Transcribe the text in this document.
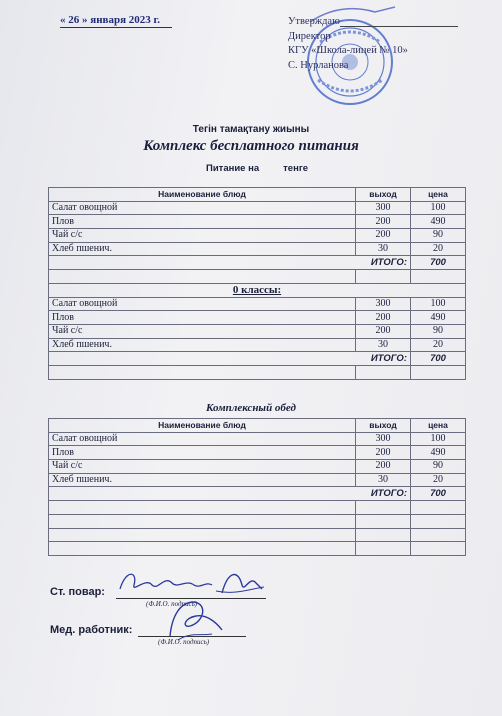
« 26 » января 2023 г.	Утверждаю
Директор
КГУ «Школа-лицей № 10»
С. Нурланова
Тегін тамақтану жиыны
Комплекс бесплатного питания
Питание на	тенге
Наименование блюд	выход	цена
Салат овощной	300	100
Плов	200	490
Чай с/с	200	90
Хлеб пшенич.	30	20
ИТОГО:		700

0 классы:		
Салат овощной	300	100
Плов	200	490
Чай с/с	200	90
Хлеб пшенич.	30	20
ИТОГО:		700

Комплексный обед
Наименование блюд	выход	цена
Салат овощной	300	100
Плов	200	490
Чай с/с	200	90
Хлеб пшенич.	30	20
ИТОГО:		700

Ст. повар:
(Ф.И.О. подпись)
Мед. работник:
(Ф.И.О. подпись)
